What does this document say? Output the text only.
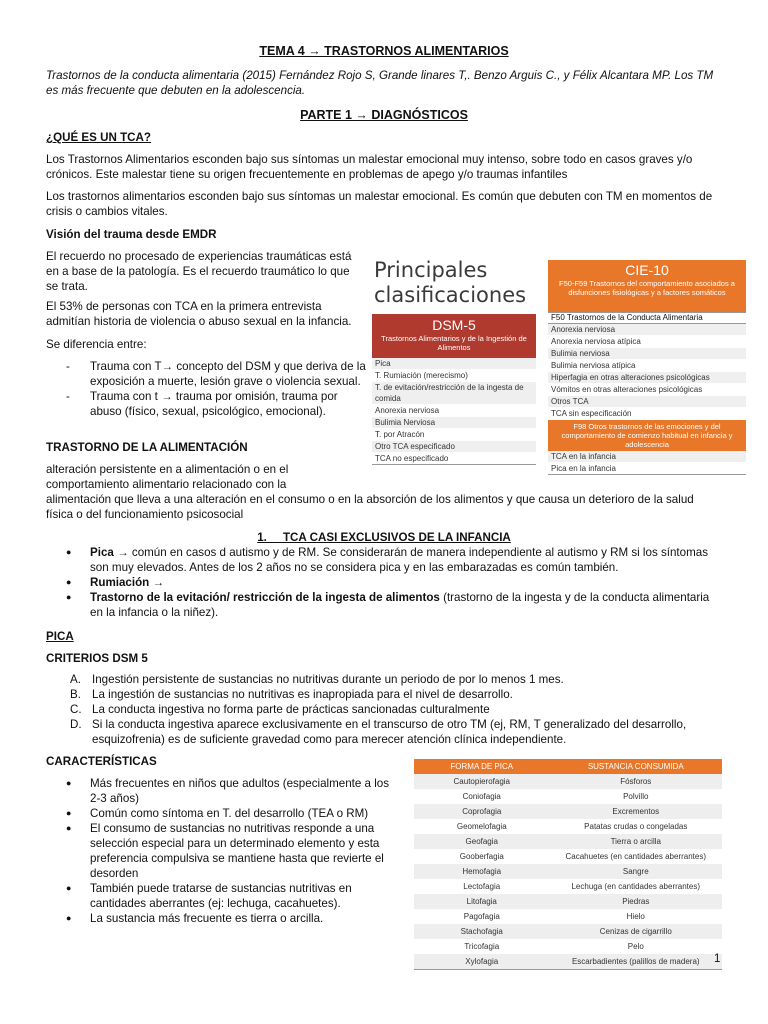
TEMA 4 → TRASTORNOS ALIMENTARIOS

Trastornos de la conducta alimentaria (2015) Fernández Rojo S, Grande linares T,. Benzo Arguis C., y Félix Alcantara MP. Los TM es más frecuente que debuten en la adolescencia.

PARTE 1 → DIAGNÓSTICOS

¿QUÉ ES UN TCA?

Los Trastornos Alimentarios esconden bajo sus síntomas un malestar emocional muy intenso, sobre todo en casos graves y/o crónicos. Este malestar tiene su origen frecuentemente en problemas de apego y/o traumas infantiles

Los trastornos alimentarios esconden bajo sus síntomas un malestar emocional. Es común que debuten con TM en momentos de crisis o cambios vitales.

Visión del trauma desde EMDR

El recuerdo no procesado de experiencias traumáticas está en a base de la patología. Es el recuerdo traumático lo que se trata.

El 53% de personas con TCA en la primera entrevista admitían historia de violencia o abuso sexual en la infancia.

Se diferencia entre:

- Trauma con T→ concepto del DSM y que deriva de la exposición a muerte, lesión grave o violencia sexual.
- Trauma con t → trauma por omisión, trauma por abuso (físico, sexual, psicológico, emocional).

TRASTORNO DE LA ALIMENTACIÓN

alteración persistente en a alimentación o en el comportamiento alimentario relacionado con la

alimentación que lleva a una alteración en el consumo o en la absorción de los alimentos y que causa un deterioro de la salud física o del funcionamiento psicosocial

Principales
clasificaciones
CIE-10
F50-F59 Trastornos del comportamiento asociados a disfunciones fisiológicas y a factores somáticos
F50 Trastornos de la Conducta Alimentaria
Anorexia nerviosa
Anorexia nerviosa atípica
Bulimia nerviosa
Bulimia nerviosa atípica
Hiperfagia en otras alteraciones psicológicas
Vómitos en otras alteraciones psicológicas
Otros TCA
TCA sin especificación
F98 Otros trastornos de las emociones y del comportamiento de comienzo habitual en infancia y adolescencia
TCA en la infancia
Pica en la infancia
DSM-5
Trastornos Alimentarios y de la Ingestión de Alimentos
Pica
T. Rumiación (merecismo)
T. de evitación/restricción de la ingesta de comida
Anorexia nerviosa
Bulimia Nerviosa
T. por Atracón
Otro TCA especificado
TCA no especificado

1.     TCA CASI EXCLUSIVOS DE LA INFANCIA

● Pica → común en casos d autismo y de RM. Se considerarán de manera independiente al autismo y RM si los síntomas son muy elevados. Antes de los 2 años no se considera pica y en las embarazadas es común también.
● Rumiación →
● Trastorno de la evitación/ restricción de la ingesta de alimentos (trastorno de la ingesta y de la conducta alimentaria en la infancia o la niñez).

PICA

CRITERIOS DSM 5

A. Ingestión persistente de sustancias no nutritivas durante un periodo de por lo menos 1 mes.
B. La ingestión de sustancias no nutritivas es inapropiada para el nivel de desarrollo.
C. La conducta ingestiva no forma parte de prácticas sancionadas culturalmente
D. Si la conducta ingestiva aparece exclusivamente en el transcurso de otro TM (ej, RM, T generalizado del desarrollo, esquizofrenia) es de suficiente gravedad como para merecer atención clínica independiente.

CARACTERÍSTICAS

● Más frecuentes en niños que adultos (especialmente a los 2-3 años)
● Común como síntoma en T. del desarrollo (TEA o RM)
● El consumo de sustancias no nutritivas responde a una selección especial para un determinado elemento y esta preferencia compulsiva se mantiene hasta que revierte el desorden
● También puede tratarse de sustancias nutritivas en cantidades aberrantes (ej: lechuga, cacahuetes).
● La sustancia más frecuente es tierra o arcilla.
FORMA DE PICA	SUSTANCIA CONSUMIDA
Cautopierofagia	Fósforos
Coniofagia	Polvillo
Coprofagia	Excrementos
Geomelofagia	Patatas crudas o congeladas
Geofagia	Tierra o arcilla
Gooberfagia	Cacahuetes (en cantidades aberrantes)
Hemofagia	Sangre
Lectofagia	Lechuga (en cantidades aberrantes)
Litofagia	Piedras
Pagofagia	Hielo
Stachofagia	Cenizas de cigarrillo
Tricofagia	Pelo
Xylofagia	Escarbadientes (palillos de madera) 1
